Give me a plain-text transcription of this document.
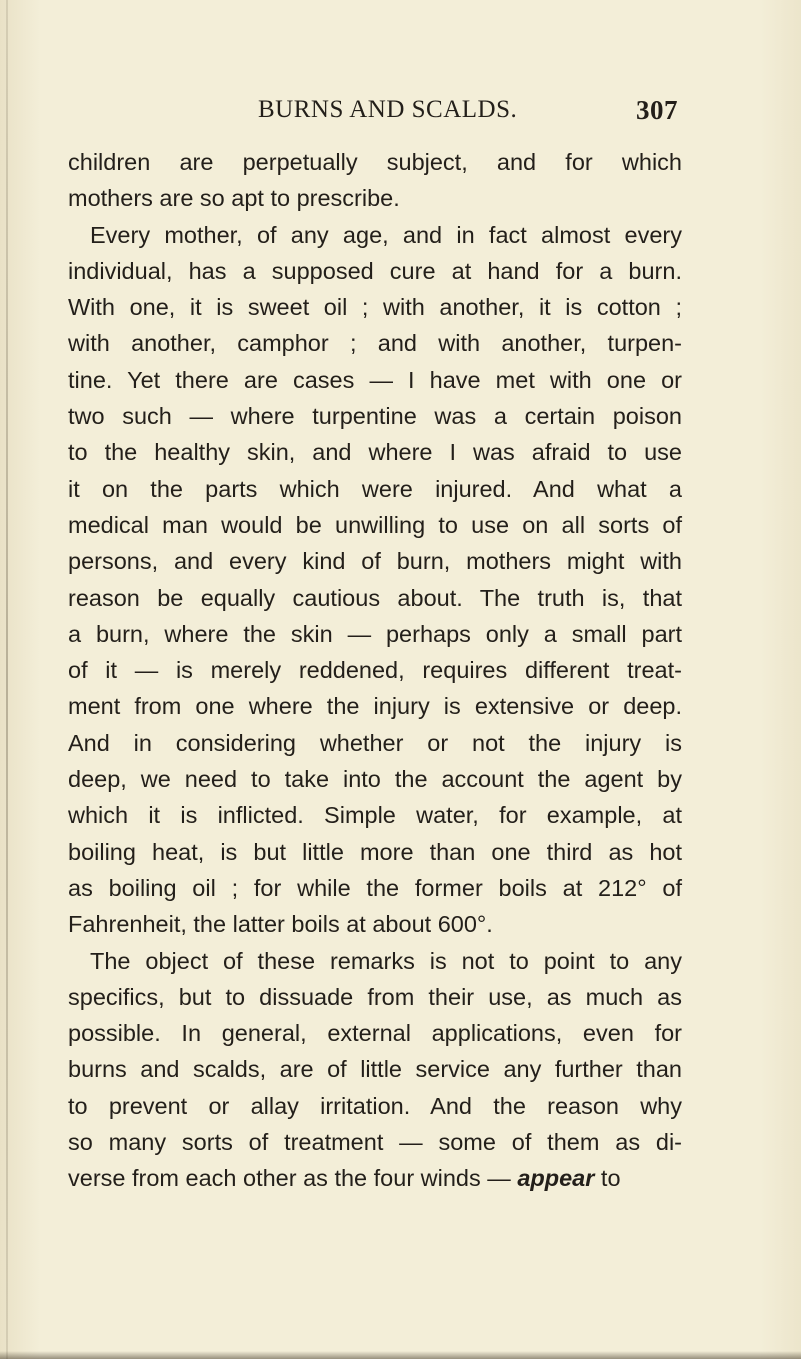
BURNS AND SCALDS.	307
children are perpetually subject, and for which
mothers are so apt to prescribe.
Every mother, of any age, and in fact almost every
individual, has a supposed cure at hand for a burn.
With one, it is sweet oil ; with another, it is cotton ;
with another, camphor ; and with another, turpen-
tine. Yet there are cases — I have met with one or
two such — where turpentine was a certain poison
to the healthy skin, and where I was afraid to use
it on the parts which were injured. And what a
medical man would be unwilling to use on all sorts of
persons, and every kind of burn, mothers might with
reason be equally cautious about. The truth is, that
a burn, where the skin — perhaps only a small part
of it — is merely reddened, requires different treat-
ment from one where the injury is extensive or deep.
And in considering whether or not the injury is
deep, we need to take into the account the agent by
which it is inflicted. Simple water, for example, at
boiling heat, is but little more than one third as hot
as boiling oil ; for while the former boils at 212° of
Fahrenheit, the latter boils at about 600°.
The object of these remarks is not to point to any
specifics, but to dissuade from their use, as much as
possible. In general, external applications, even for
burns and scalds, are of little service any further than
to prevent or allay irritation. And the reason why
so many sorts of treatment — some of them as di-
verse from each other as the four winds — appear to
